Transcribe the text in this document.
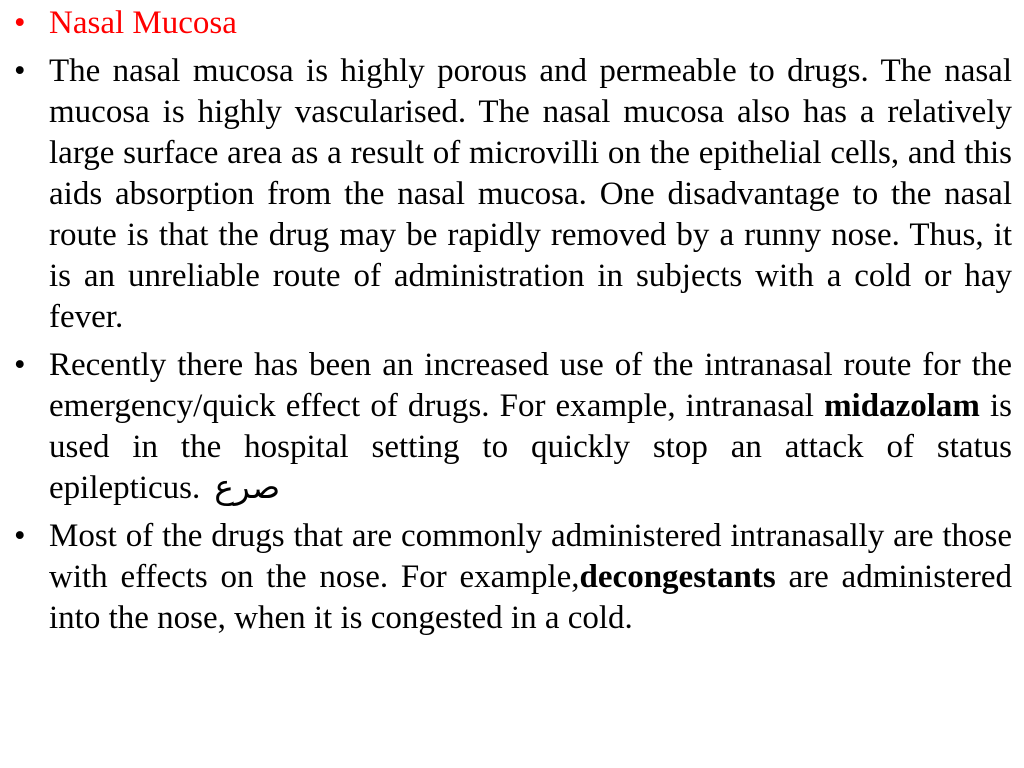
• Nasal Mucosa
• The nasal mucosa is highly porous and permeable to drugs. The nasal mucosa is highly vascularised. The nasal mucosa also has a relatively large surface area as a result of microvilli on the epithelial cells, and this aids absorption from the nasal mucosa. One disadvantage to the nasal route is that the drug may be rapidly removed by a runny nose. Thus, it is an unreliable route of administration in subjects with a cold or hay fever.
• Recently there has been an increased use of the intranasal route for the emergency/quick effect of drugs. For example, intranasal midazolam is used in the hospital setting to quickly stop an attack of status epilepticus. صرع
• Most of the drugs that are commonly administered intranasally are those with effects on the nose. For example,decongestants are administered into the nose, when it is congested in a cold.
